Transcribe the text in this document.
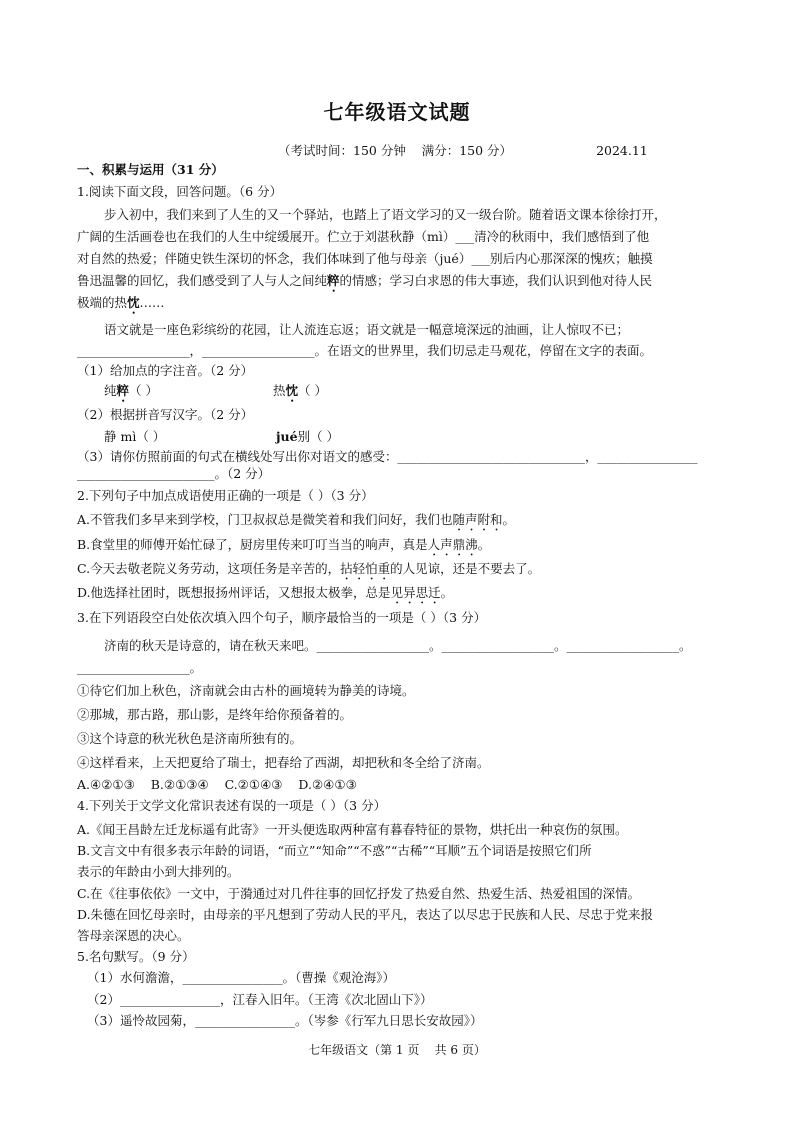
七年级语文试题
（考试时间：150 分钟    满分：150 分）	2024.11
一、积累与运用（31 分）
1.阅读下面文段，回答问题。（6 分）
步入初中，我们来到了人生的又一个驿站，也踏上了语文学习的又一级台阶。随着语文课本徐徐打开，
广阔的生活画卷也在我们的人生中绽缓展开。伫立于刘湛秋静（mì）___清冷的秋雨中，我们感悟到了他
对自然的热爱；伴随史铁生深切的怀念，我们体味到了他与母亲（jué）___别后内心那深深的愧疚；触摸
鲁迅温馨的回忆，我们感受到了人与人之间纯粹的情感；学习白求恩的伟大事迹，我们认识到他对待人民
极端的热忱……
语文就是一座色彩缤纷的花园，让人流连忘返；语文就是一幅意境深远的油画，让人惊叹不已；
__________________，__________________。在语文的世界里，我们切忌走马观花，停留在文字的表面。
（1）给加点的字注音。（2 分）
纯粹（ ）	热忱（ ）
（2）根据拼音写汉字。（2 分）
静 mì（ ）	jué别（ ）
（3）请你仿照前面的句式在横线处写出你对语文的感受：______________________________，________________
______________________。（2 分）
2.下列句子中加点成语使用正确的一项是（ ）（3 分）
A.不管我们多早来到学校，门卫叔叔总是微笑着和我们问好，我们也随声附和。
B.食堂里的师傅开始忙碌了，厨房里传来叮叮当当的响声，真是人声鼎沸。
C.今天去敬老院义务劳动，这项任务是辛苦的，拈轻怕重的人见谅，还是不要去了。
D.他选择社团时，既想报扬州评话，又想报太极拳，总是见异思迁。
3.在下列语段空白处依次填入四个句子，顺序最恰当的一项是（ ）（3 分）
济南的秋天是诗意的，请在秋天来吧。__________________。__________________。__________________。
__________________。
①待它们加上秋色，济南就会由古朴的画境转为静美的诗境。
②那城，那古路，那山影，是终年给你预备着的。
③这个诗意的秋光秋色是济南所独有的。
④这样看来，上天把夏给了瑞士，把春给了西湖，却把秋和冬全给了济南。
A.④②①③    B.②①③④    C.②①④③    D.②④①③
4.下列关于文学文化常识表述有误的一项是（ ）（3 分）
A.《闻王昌龄左迁龙标遥有此寄》一开头便选取两种富有暮春特征的景物，烘托出一种哀伤的氛围。
B.文言文中有很多表示年龄的词语，“而立”“知命”“不惑”“古稀”“耳顺”五个词语是按照它们所
表示的年龄由小到大排列的。
C.在《往事依依》一文中，于漪通过对几件往事的回忆抒发了热爱自然、热爱生活、热爱祖国的深情。
D.朱德在回忆母亲时，由母亲的平凡想到了劳动人民的平凡，表达了以尽忠于民族和人民、尽忠于党来报
答母亲深恩的决心。
5.名句默写。（9 分）
（1）水何澹澹，________________。（曹操《观沧海》）
（2）________________，江春入旧年。（王湾《次北固山下》）
（3）遥怜故园菊，________________。（岑参《行军九日思长安故园》）
七年级语文（第 1 页    共 6 页）
